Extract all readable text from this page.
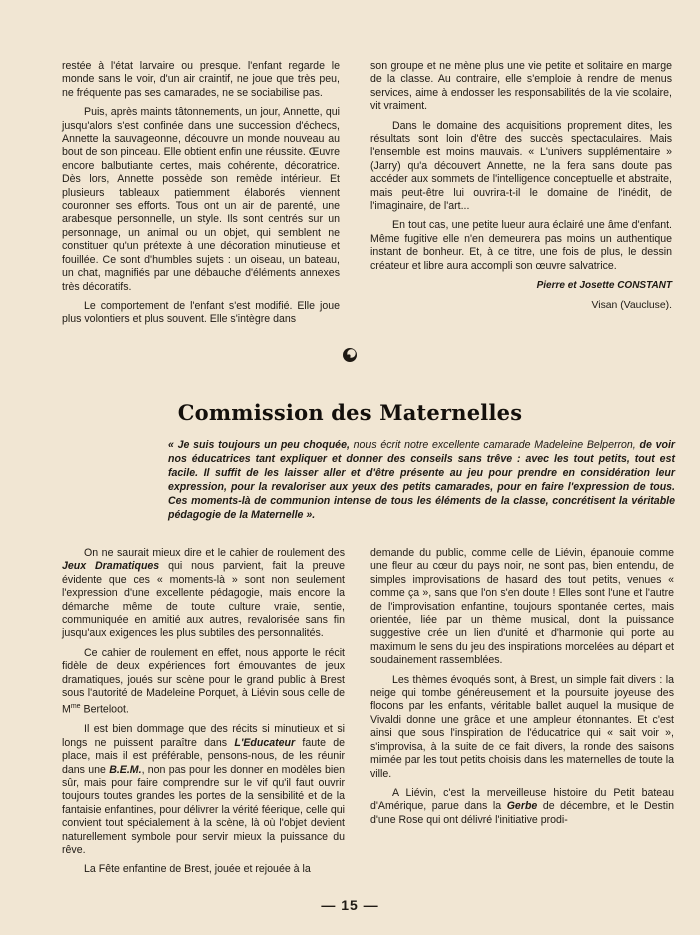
restée à l'état larvaire ou presque. l'enfant regarde le monde sans le voir, d'un air craintif, ne joue que très peu, ne fréquente pas ses camarades, ne se sociabilise pas.

Puis, après maints tâtonnements, un jour, Annette, qui jusqu'alors s'est confinée dans une succession d'échecs, Annette la sauvageonne, découvre un monde nouveau au bout de son pinceau. Elle obtient enfin une réussite. Œuvre encore balbutiante certes, mais cohérente, décoratrice. Dès lors, Annette possède son remède intérieur. Et plusieurs tableaux patiemment élaborés viennent couronner ses efforts. Tous ont un air de parenté, une arabesque personnelle, un style. Ils sont centrés sur un personnage, un animal ou un objet, qui semblent ne constituer qu'un prétexte à une décoration minutieuse et fouillée. Ce sont d'humbles sujets : un oiseau, un bateau, un chat, magnifiés par une débauche d'éléments annexes très décoratifs.

Le comportement de l'enfant s'est modifié. Elle joue plus volontiers et plus souvent. Elle s'intègre dans

son groupe et ne mène plus une vie petite et solitaire en marge de la classe. Au contraire, elle s'emploie à rendre de menus services, aime à endosser les responsabilités de la vie scolaire, vit vraiment.

Dans le domaine des acquisitions proprement dites, les résultats sont loin d'être des succès spectaculaires. Mais l'ensemble est moins mauvais. « L'univers supplémentaire » (Jarry) qu'a découvert Annette, ne la fera sans doute pas accéder aux sommets de l'intelligence conceptuelle et abstraite, mais peut-être lui ouvrira-t-il le domaine de l'inédit, de l'imaginaire, de l'art...

En tout cas, une petite lueur aura éclairé une âme d'enfant. Même fugitive elle n'en demeurera pas moins un authentique instant de bonheur. Et, à ce titre, une fois de plus, le dessin créateur et libre aura accompli son œuvre salvatrice.

Pierre et Josette CONSTANT

Visan (Vaucluse).

Commission des Maternelles
« Je suis toujours un peu choquée, nous écrit notre excellente camarade Madeleine Belperron, de voir nos éducatrices tant expliquer et donner des conseils sans trêve : avec les tout petits, tout est facile. Il suffit de les laisser aller et d'être présente au jeu pour prendre en considération leur expression, pour la revaloriser aux yeux des petits camarades, pour en faire l'expression de tous. Ces moments-là de communion intense de tous les éléments de la classe, concrétisent la véritable pédagogie de la Maternelle ».

On ne saurait mieux dire et le cahier de roulement des Jeux Dramatiques qui nous parvient, fait la preuve évidente que ces « moments-là » sont non seulement l'expression d'une excellente pédagogie, mais encore la démarche même de toute culture vraie, sentie, communiquée en amitié aux autres, revalorisée sans fin jusqu'aux exigences les plus subtiles des personnalités.

Ce cahier de roulement en effet, nous apporte le récit fidèle de deux expériences fort émouvantes de jeux dramatiques, joués sur scène pour le grand public à Brest sous l'autorité de Madeleine Porquet, à Liévin sous celle de $M^{me}$ Berteloot.

Il est bien dommage que des récits si minutieux et si longs ne puissent paraître dans L'Educateur faute de place, mais il est préférable, pensons-nous, de les réunir dans une B.E.M., non pas pour les donner en modèles bien sûr, mais pour faire comprendre sur le vif qu'il faut ouvrir toujours toutes grandes les portes de la sensibilité et de la fantaisie enfantines, pour délivrer la vérité féerique, celle qui convient tout spécialement à la scène, là où l'objet devient naturellement symbole pour servir mieux la puissance du rêve.

La Fête enfantine de Brest, jouée et rejouée à la

demande du public, comme celle de Liévin, épanouie comme une fleur au cœur du pays noir, ne sont pas, bien entendu, de simples improvisations de hasard des tout petits, venues « comme ça », sans que l'on s'en doute ! Elles sont l'une et l'autre de l'improvisation enfantine, toujours spontanée certes, mais orientée, liée par un thème musical, dont la puissance suggestive crée un lien d'unité et d'harmonie qui porte au maximum le sens du jeu des inspirations morcelées au départ et soudainement rassemblées.

Les thèmes évoqués sont, à Brest, un simple fait divers : la neige qui tombe généreusement et la poursuite joyeuse des flocons par les enfants, véritable ballet auquel la musique de Vivaldi donne une grâce et une ampleur étonnantes. Et c'est ainsi que sous l'inspiration de l'éducatrice qui « sait voir », s'improvisa, à la suite de ce fait divers, la ronde des saisons mimée par les tout petits choisis dans les maternelles de toute la ville.

A Liévin, c'est la merveilleuse histoire du Petit bateau d'Amérique, parue dans la Gerbe de décembre, et le Destin d'une Rose qui ont délivré l'initiative prodi-

— 15 —
